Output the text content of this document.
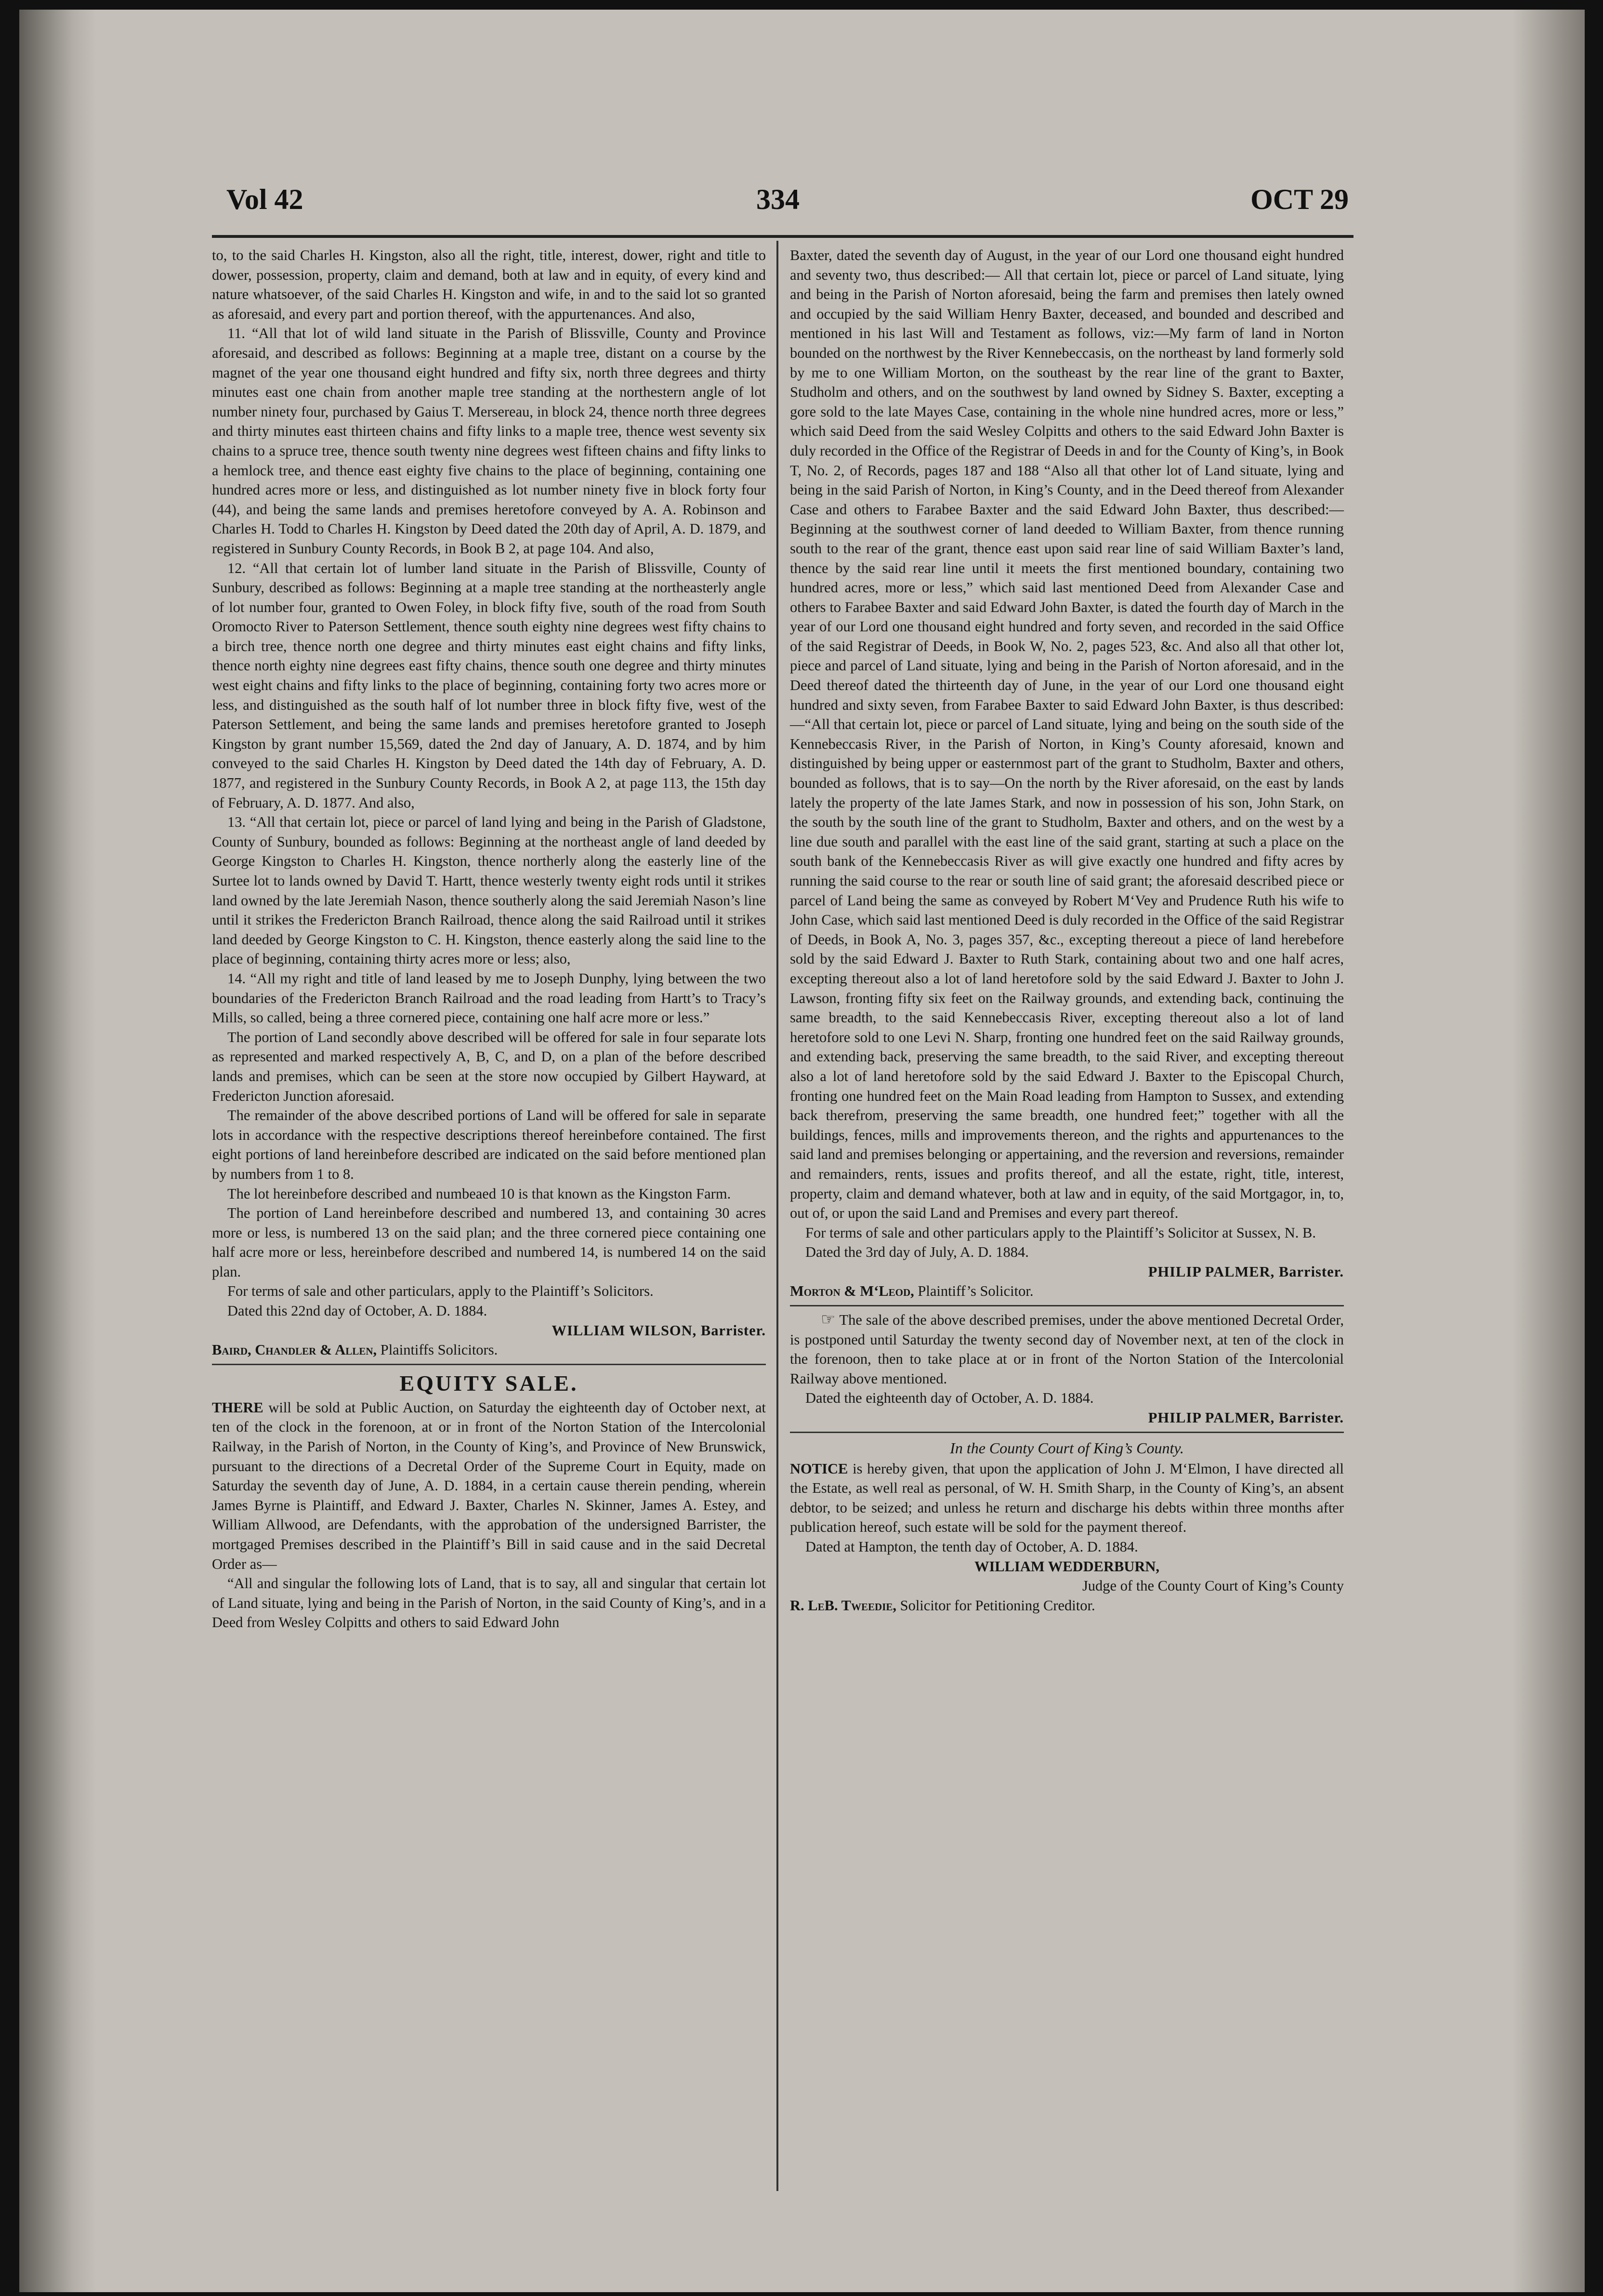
Vol 42	334	OCT 29

to, to the said Charles H. Kingston, also all the right, title, interest, dower, right and title to dower, possession, property, claim and demand, both at law and in equity, of every kind and nature whatsoever, of the said Charles H. Kingston and wife, in and to the said lot so granted as aforesaid, and every part and portion thereof, with the appurtenances. And also,

11. “All that lot of wild land situate in the Parish of Blissville, County and Province aforesaid, and described as follows: Beginning at a maple tree, distant on a course by the magnet of the year one thousand eight hundred and fifty six, north three degrees and thirty minutes east one chain from another maple tree standing at the northestern angle of lot number ninety four, purchased by Gaius T. Mersereau, in block 24, thence north three degrees and thirty minutes east thirteen chains and fifty links to a maple tree, thence west seventy six chains to a spruce tree, thence south twenty nine degrees west fifteen chains and fifty links to a hemlock tree, and thence east eighty five chains to the place of beginning, containing one hundred acres more or less, and distinguished as lot number ninety five in block forty four (44), and being the same lands and premises heretofore conveyed by A. A. Robinson and Charles H. Todd to Charles H. Kingston by Deed dated the 20th day of April, A. D. 1879, and registered in Sunbury County Records, in Book B 2, at page 104. And also,

12. “All that certain lot of lumber land situate in the Parish of Blissville, County of Sunbury, described as follows: Beginning at a maple tree standing at the northeasterly angle of lot number four, granted to Owen Foley, in block fifty five, south of the road from South Oromocto River to Paterson Settlement, thence south eighty nine degrees west fifty chains to a birch tree, thence north one degree and thirty minutes east eight chains and fifty links, thence north eighty nine degrees east fifty chains, thence south one degree and thirty minutes west eight chains and fifty links to the place of beginning, containing forty two acres more or less, and distinguished as the south half of lot number three in block fifty five, west of the Paterson Settlement, and being the same lands and premises heretofore granted to Joseph Kingston by grant number 15,569, dated the 2nd day of January, A. D. 1874, and by him conveyed to the said Charles H. Kingston by Deed dated the 14th day of February, A. D. 1877, and registered in the Sunbury County Records, in Book A 2, at page 113, the 15th day of February, A. D. 1877. And also,

13. “All that certain lot, piece or parcel of land lying and being in the Parish of Gladstone, County of Sunbury, bounded as follows: Beginning at the northeast angle of land deeded by George Kingston to Charles H. Kingston, thence northerly along the easterly line of the Surtee lot to lands owned by David T. Hartt, thence westerly twenty eight rods until it strikes land owned by the late Jeremiah Nason, thence southerly along the said Jeremiah Nason’s line until it strikes the Fredericton Branch Railroad, thence along the said Railroad until it strikes land deeded by George Kingston to C. H. Kingston, thence easterly along the said line to the place of beginning, containing thirty acres more or less; also,

14. “All my right and title of land leased by me to Joseph Dunphy, lying between the two boundaries of the Fredericton Branch Railroad and the road leading from Hartt’s to Tracy’s Mills, so called, being a three cornered piece, containing one half acre more or less.”

The portion of Land secondly above described will be offered for sale in four separate lots as represented and marked respectively A, B, C, and D, on a plan of the before described lands and premises, which can be seen at the store now occupied by Gilbert Hayward, at Fredericton Junction aforesaid.

The remainder of the above described portions of Land will be offered for sale in separate lots in accordance with the respective descriptions thereof hereinbefore contained. The first eight portions of land hereinbefore described are indicated on the said before mentioned plan by numbers from 1 to 8.

The lot hereinbefore described and numbeaed 10 is that known as the Kingston Farm.

The portion of Land hereinbefore described and numbered 13, and containing 30 acres more or less, is numbered 13 on the said plan; and the three cornered piece containing one half acre more or less, hereinbefore described and numbered 14, is numbered 14 on the said plan.

For terms of sale and other particulars, apply to the Plaintiff’s Solicitors.

Dated this 22nd day of October, A. D. 1884.

WILLIAM WILSON, Barrister.

Baird, Chandler & Allen, Plaintiffs Solicitors.

EQUITY SALE.

THERE will be sold at Public Auction, on Saturday the eighteenth day of October next, at ten of the clock in the forenoon, at or in front of the Norton Station of the Intercolonial Railway, in the Parish of Norton, in the County of King’s, and Province of New Brunswick, pursuant to the directions of a Decretal Order of the Supreme Court in Equity, made on Saturday the seventh day of June, A. D. 1884, in a certain cause therein pending, wherein James Byrne is Plaintiff, and Edward J. Baxter, Charles N. Skinner, James A. Estey, and William Allwood, are Defendants, with the approbation of the undersigned Barrister, the mortgaged Premises described in the Plaintiff’s Bill in said cause and in the said Decretal Order as—

“All and singular the following lots of Land, that is to say, all and singular that certain lot of Land situate, lying and being in the Parish of Norton, in the said County of King’s, and in a Deed from Wesley Colpitts and others to said Edward John

Baxter, dated the seventh day of August, in the year of our Lord one thousand eight hundred and seventy two, thus described:— All that certain lot, piece or parcel of Land situate, lying and being in the Parish of Norton aforesaid, being the farm and premises then lately owned and occupied by the said William Henry Baxter, deceased, and bounded and described and mentioned in his last Will and Testament as follows, viz:—My farm of land in Norton bounded on the northwest by the River Kennebeccasis, on the northeast by land formerly sold by me to one William Morton, on the southeast by the rear line of the grant to Baxter, Studholm and others, and on the southwest by land owned by Sidney S. Baxter, excepting a gore sold to the late Mayes Case, containing in the whole nine hundred acres, more or less,” which said Deed from the said Wesley Colpitts and others to the said Edward John Baxter is duly recorded in the Office of the Registrar of Deeds in and for the County of King’s, in Book T, No. 2, of Records, pages 187 and 188 “Also all that other lot of Land situate, lying and being in the said Parish of Norton, in King’s County, and in the Deed thereof from Alexander Case and others to Farabee Baxter and the said Edward John Baxter, thus described:—Beginning at the southwest corner of land deeded to William Baxter, from thence running south to the rear of the grant, thence east upon said rear line of said William Baxter’s land, thence by the said rear line until it meets the first mentioned boundary, containing two hundred acres, more or less,” which said last mentioned Deed from Alexander Case and others to Farabee Baxter and said Edward John Baxter, is dated the fourth day of March in the year of our Lord one thousand eight hundred and forty seven, and recorded in the said Office of the said Registrar of Deeds, in Book W, No. 2, pages 523, &c. And also all that other lot, piece and parcel of Land situate, lying and being in the Parish of Norton aforesaid, and in the Deed thereof dated the thirteenth day of June, in the year of our Lord one thousand eight hundred and sixty seven, from Farabee Baxter to said Edward John Baxter, is thus described:—“All that certain lot, piece or parcel of Land situate, lying and being on the south side of the Kennebeccasis River, in the Parish of Norton, in King’s County aforesaid, known and distinguished by being upper or easternmost part of the grant to Studholm, Baxter and others, bounded as follows, that is to say—On the north by the River aforesaid, on the east by lands lately the property of the late James Stark, and now in possession of his son, John Stark, on the south by the south line of the grant to Studholm, Baxter and others, and on the west by a line due south and parallel with the east line of the said grant, starting at such a place on the south bank of the Kennebeccasis River as will give exactly one hundred and fifty acres by running the said course to the rear or south line of said grant; the aforesaid described piece or parcel of Land being the same as conveyed by Robert M‘Vey and Prudence Ruth his wife to John Case, which said last mentioned Deed is duly recorded in the Office of the said Registrar of Deeds, in Book A, No. 3, pages 357, &c., excepting thereout a piece of land herebefore sold by the said Edward J. Baxter to Ruth Stark, containing about two and one half acres, excepting thereout also a lot of land heretofore sold by the said Edward J. Baxter to John J. Lawson, fronting fifty six feet on the Railway grounds, and extending back, continuing the same breadth, to the said Kennebeccasis River, excepting thereout also a lot of land heretofore sold to one Levi N. Sharp, fronting one hundred feet on the said Railway grounds, and extending back, preserving the same breadth, to the said River, and excepting thereout also a lot of land heretofore sold by the said Edward J. Baxter to the Episcopal Church, fronting one hundred feet on the Main Road leading from Hampton to Sussex, and extending back therefrom, preserving the same breadth, one hundred feet;” together with all the buildings, fences, mills and improvements thereon, and the rights and appurtenances to the said land and premises belonging or appertaining, and the reversion and reversions, remainder and remainders, rents, issues and profits thereof, and all the estate, right, title, interest, property, claim and demand whatever, both at law and in equity, of the said Mortgagor, in, to, out of, or upon the said Land and Premises and every part thereof.

For terms of sale and other particulars apply to the Plaintiff’s Solicitor at Sussex, N. B.

Dated the 3rd day of July, A. D. 1884.

PHILIP PALMER, Barrister.

Morton & M‘Leod, Plaintiff’s Solicitor.

☞ The sale of the above described premises, under the above mentioned Decretal Order, is postponed until Saturday the twenty second day of November next, at ten of the clock in the forenoon, then to take place at or in front of the Norton Station of the Intercolonial Railway above mentioned.

Dated the eighteenth day of October, A. D. 1884.

PHILIP PALMER, Barrister.

In the County Court of King’s County.

NOTICE is hereby given, that upon the application of John J. M‘Elmon, I have directed all the Estate, as well real as personal, of W. H. Smith Sharp, in the County of King’s, an absent debtor, to be seized; and unless he return and discharge his debts within three months after publication hereof, such estate will be sold for the payment thereof.

Dated at Hampton, the tenth day of October, A. D. 1884.

WILLIAM WEDDERBURN,

Judge of the County Court of King’s County

R. LeB. Tweedie, Solicitor for Petitioning Creditor.
